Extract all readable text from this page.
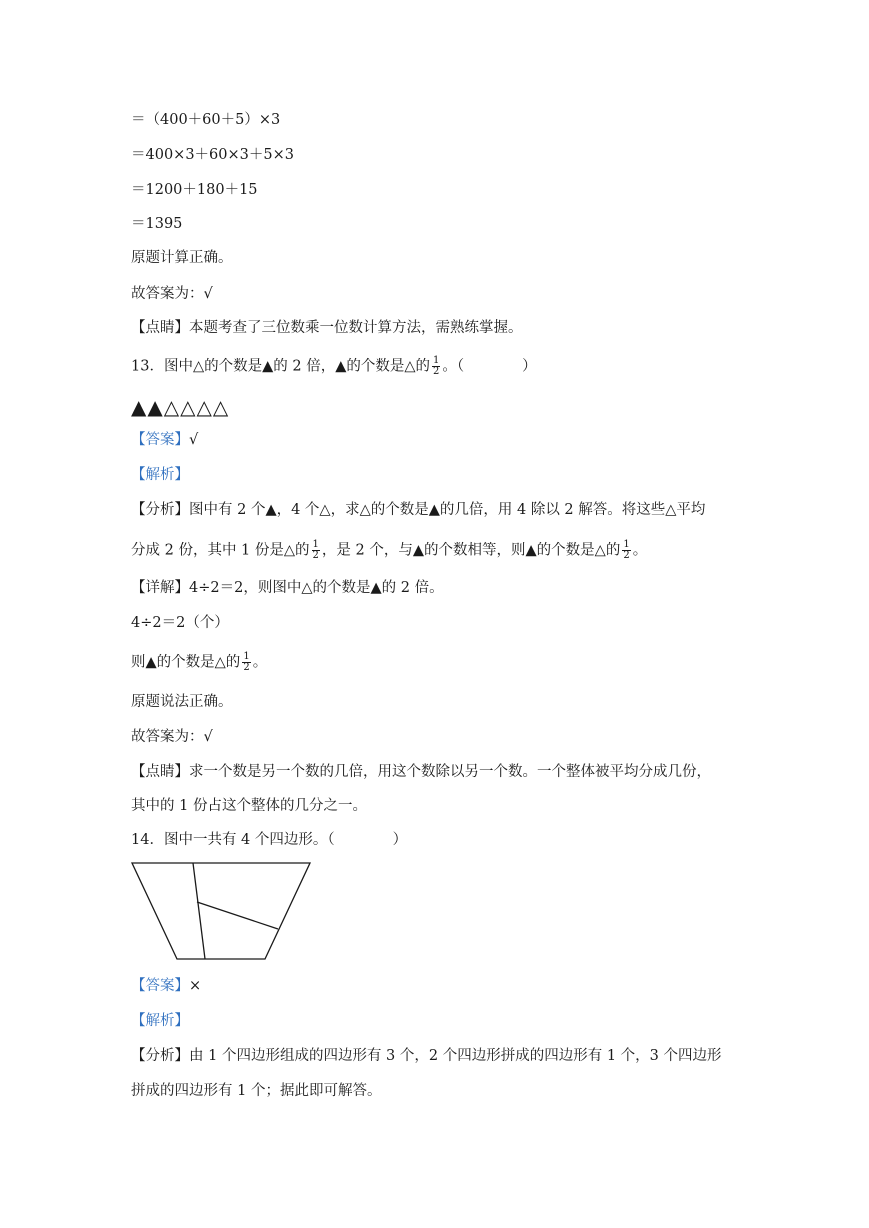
＝（400＋60＋5）×3
＝400×3＋60×3＋5×3
＝1200＋180＋15
＝1395
原题计算正确。
故答案为：√
【点睛】本题考查了三位数乘一位数计算方法，需熟练掌握。
13．图中△的个数是▲的 2 倍，▲的个数是△的 $\frac{1}{2}$ 。（　　　　）
▲▲△△△△
【答案】√
【解析】
【分析】图中有 2 个▲，4 个△，求△的个数是▲的几倍，用 4 除以 2 解答。将这些△平均
分成 2 份，其中 1 份是△的 $\frac{1}{2}$ ，是 2 个，与▲的个数相等，则▲的个数是△的 $\frac{1}{2}$ 。
【详解】4÷2＝2，则图中△的个数是▲的 2 倍。
4÷2＝2（个）
则▲的个数是△的 $\frac{1}{2}$ 。
原题说法正确。
故答案为：√
【点睛】求一个数是另一个数的几倍，用这个数除以另一个数。一个整体被平均分成几份，
其中的 1 份占这个整体的几分之一。
14．图中一共有 4 个四边形。（　　　　）
【答案】×
【解析】
【分析】由 1 个四边形组成的四边形有 3 个，2 个四边形拼成的四边形有 1 个，3 个四边形
拼成的四边形有 1 个；据此即可解答。
